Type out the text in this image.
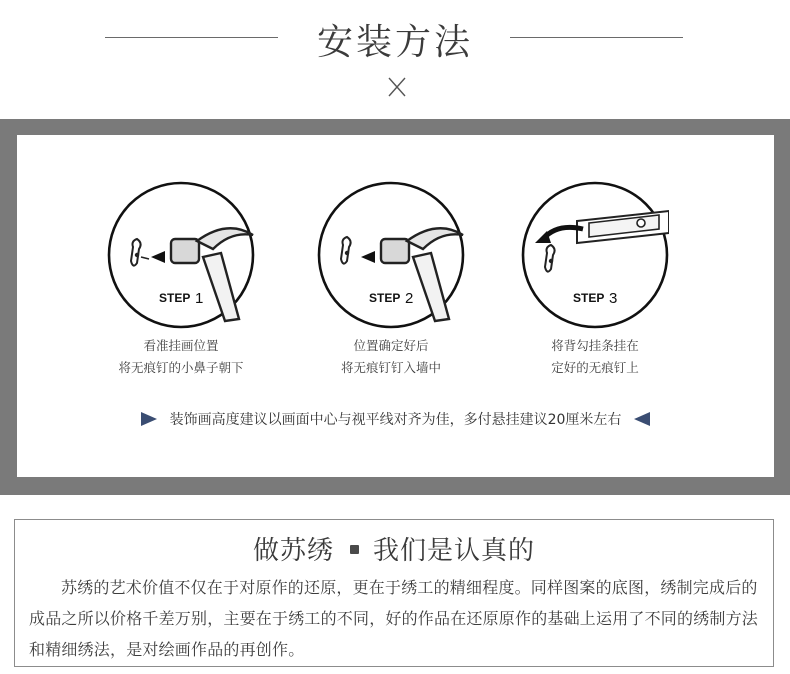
安装方法
STEP 1
看准挂画位置
将无痕钉的小鼻子朝下
STEP 2
位置确定好后
将无痕钉钉入墙中
STEP 3
将背勾挂条挂在
定好的无痕钉上
装饰画高度建议以画面中心与视平线对齐为佳，多付悬挂建议20厘米左右
做苏绣 我们是认真的

苏绣的艺术价值不仅在于对原作的还原，更在于绣工的精细程度。同样图案的底图，绣制完成后的成品之所以价格千差万别，主要在于绣工的不同，好的作品在还原原作的基础上运用了不同的绣制方法和精细绣法，是对绘画作品的再创作。
